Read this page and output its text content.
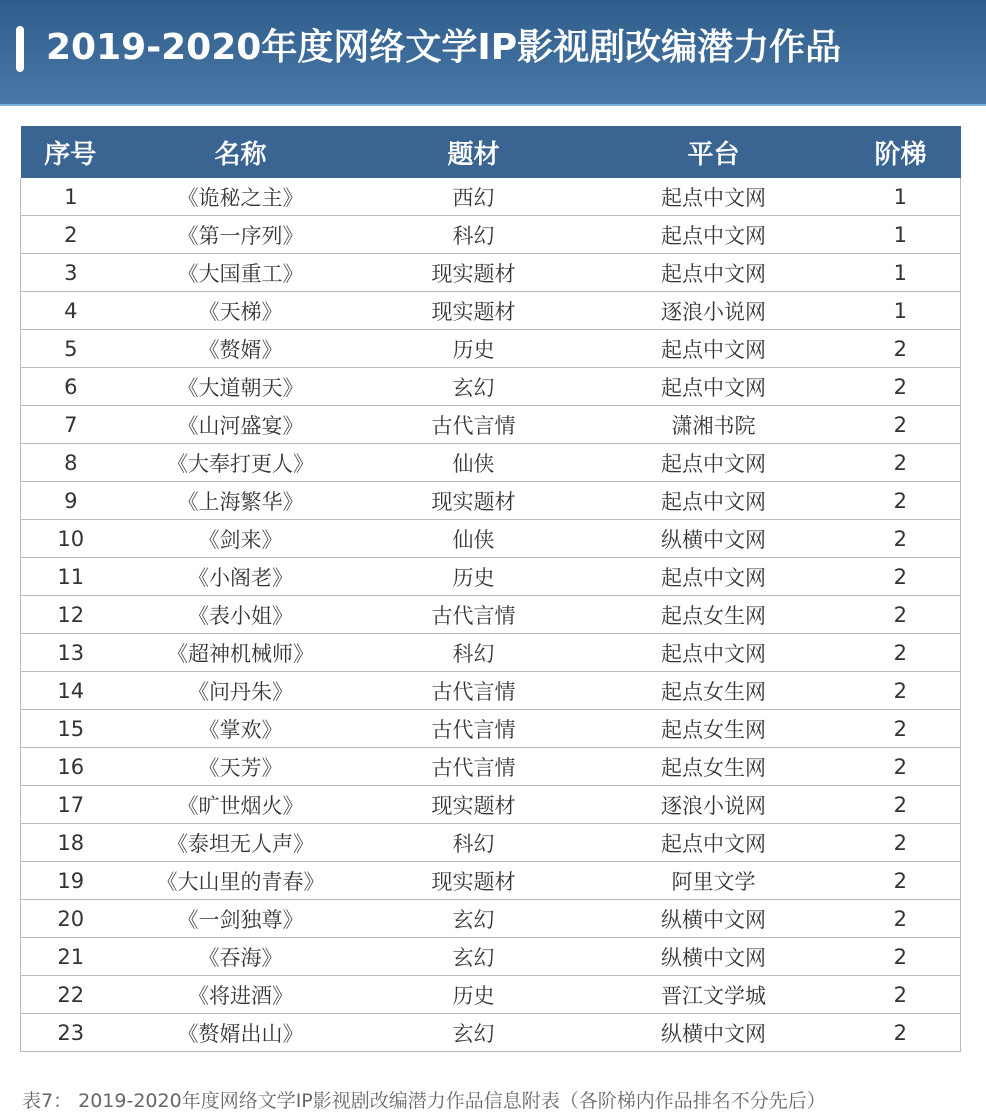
2019-2020年度网络文学IP影视剧改编潜力作品
序号	名称	题材	平台	阶梯
1	《诡秘之主》	西幻	起点中文网	1
2	《第一序列》	科幻	起点中文网	1
3	《大国重工》	现实题材	起点中文网	1
4	《天梯》	现实题材	逐浪小说网	1
5	《赘婿》	历史	起点中文网	2
6	《大道朝天》	玄幻	起点中文网	2
7	《山河盛宴》	古代言情	潇湘书院	2
8	《大奉打更人》	仙侠	起点中文网	2
9	《上海繁华》	现实题材	起点中文网	2
10	《剑来》	仙侠	纵横中文网	2
11	《小阁老》	历史	起点中文网	2
12	《表小姐》	古代言情	起点女生网	2
13	《超神机械师》	科幻	起点中文网	2
14	《问丹朱》	古代言情	起点女生网	2
15	《掌欢》	古代言情	起点女生网	2
16	《天芳》	古代言情	起点女生网	2
17	《旷世烟火》	现实题材	逐浪小说网	2
18	《泰坦无人声》	科幻	起点中文网	2
19	《大山里的青春》	现实题材	阿里文学	2
20	《一剑独尊》	玄幻	纵横中文网	2
21	《吞海》	玄幻	纵横中文网	2
22	《将进酒》	历史	晋江文学城	2
23	《赘婿出山》	玄幻	纵横中文网	2
表7： 2019-2020年度网络文学IP影视剧改编潜力作品信息附表（各阶梯内作品排名不分先后）
